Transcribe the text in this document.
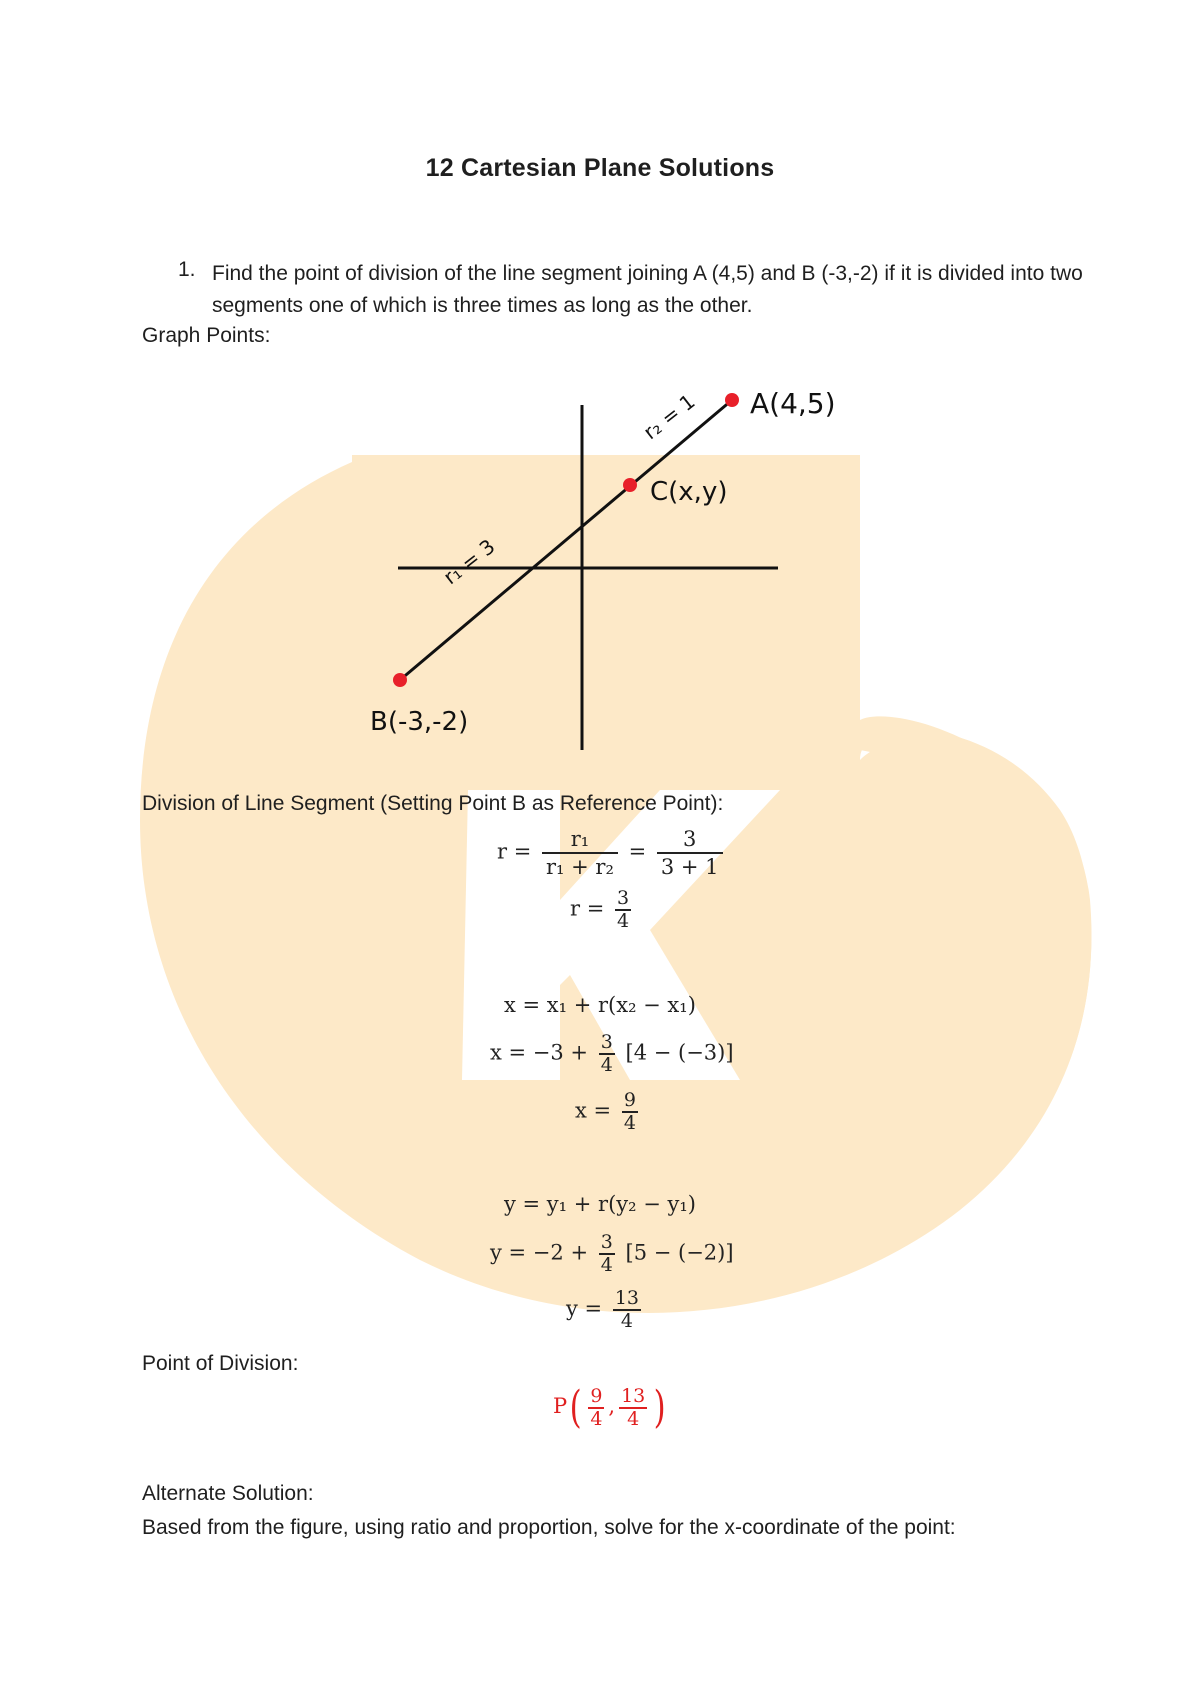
12 Cartesian Plane Solutions
1. Find the point of division of the line segment joining A (4,5) and B (-3,-2) if it is divided into two segments one of which is three times as long as the other.
Graph Points:
A(4,5)
C(x,y)
B(-3,-2)
r₁ = 3
r₂ = 1
Division of Line Segment (Setting Point B as Reference Point):
$r = \frac{\text{r₁}}{\text{r₁ + r₂}} = \frac{3}{3 + 1}$
$r = \frac{3}{4}$
x = x₁ + r(x₂ − x₁)
$x = -3 + \frac{3}{4} [4 - (-3)]$
$x = \frac{9}{4}$
y = y₁ + r(y₂ − y₁)
$y = -2 + \frac{3}{4} [5 - (-2)]$
$y = \frac{13}{4}$
Point of Division:
$P( \frac{9}{4}$ , $\frac{13}{4}$ )
Alternate Solution:
Based from the figure, using ratio and proportion, solve for the x-coordinate of the point:
